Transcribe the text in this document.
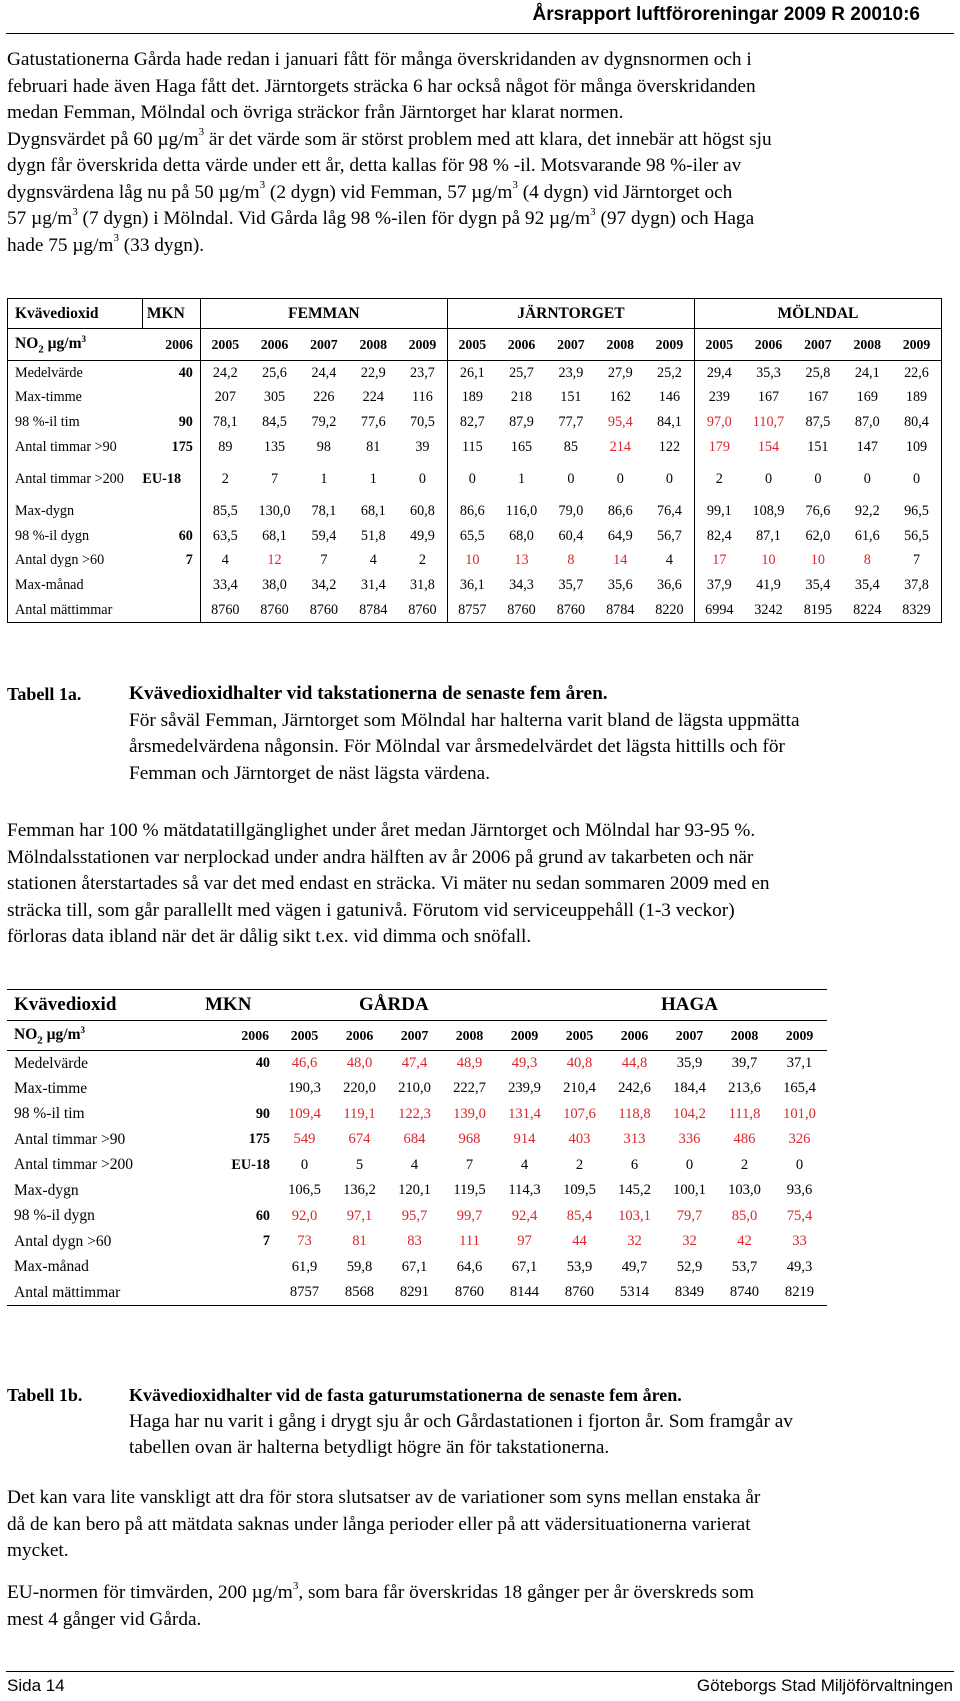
Årsrapport luftföroreningar 2009 R 20010:6
Gatustationerna Gårda hade redan i januari fått för många överskridanden av dygnsnormen och i
februari hade även Haga fått det. Järntorgets sträcka 6 har också något för många överskridanden
medan Femman, Mölndal och övriga sträckor från Järntorget har klarat normen.
Dygnsvärdet på 60 $\mu g/m^3$ är det värde som är störst problem med att klara, det innebär att högst sju
dygn får överskrida detta värde under ett år, detta kallas för 98 % -il. Motsvarande 98 %-iler av
dygnsvärdena låg nu på 50 $\mu g/m^3$ (2 dygn) vid Femman, 57 $\mu g/m^3$ (4 dygn) vid Järntorget och
57 $\mu g/m^3$ (7 dygn) i Mölndal. Vid Gårda låg 98 %-ilen för dygn på 92 $\mu g/m^3$ (97 dygn) och Haga
hade 75 $\mu g/m^3$ (33 dygn).
Kvävedioxid	MKN	FEMMAN					JÄRNTORGET					MÖLNDAL				
$NO_2$ $\mu g/m^3$	2006	2005	2006	2007	2008	2009	2005	2006	2007	2008	2009	2005	2006	2007	2008	2009
Medelvärde	40	24,2	25,6	24,4	22,9	23,7	26,1	25,7	23,9	27,9	25,2	29,4	35,3	25,8	24,1	22,6
Max-timme		207	305	226	224	116	189	218	151	162	146	239	167	167	169	189
98 %-il tim	90	78,1	84,5	79,2	77,6	70,5	82,7	87,9	77,7	95,4	84,1	97,0	110,7	87,5	87,0	80,4
Antal timmar >90	175	89	135	98	81	39	115	165	85	214	122	179	154	151	147	109
Antal timmar >200	EU-18	2	7	1	1	0	0	1	0	0	0	2	0	0	0	0
Max-dygn		85,5	130,0	78,1	68,1	60,8	86,6	116,0	79,0	86,6	76,4	99,1	108,9	76,6	92,2	96,5
98 %-il dygn	60	63,5	68,1	59,4	51,8	49,9	65,5	68,0	60,4	64,9	56,7	82,4	87,1	62,0	61,6	56,5
Antal dygn >60	7	4	12	7	4	2	10	13	8	14	4	17	10	10	8	7
Max-månad		33,4	38,0	34,2	31,4	31,8	36,1	34,3	35,7	35,6	36,6	37,9	41,9	35,4	35,4	37,8
Antal mättimmar		8760	8760	8760	8784	8760	8757	8760	8760	8784	8220	6994	3242	8195	8224	8329
Tabell 1a. Kvävedioxidhalter vid takstationerna de senaste fem åren.
För såväl Femman, Järntorget som Mölndal har halterna varit bland de lägsta uppmätta
årsmedelvärdena någonsin. För Mölndal var årsmedelvärdet det lägsta hittills och för
Femman och Järntorget de näst lägsta värdena.
Femman har 100 % mätdatatillgänglighet under året medan Järntorget och Mölndal har 93-95 %.
Mölndalsstationen var nerplockad under andra hälften av år 2006 på grund av takarbeten och när
stationen återstartades så var det med endast en sträcka. Vi mäter nu sedan sommaren 2009 med en
sträcka till, som går parallellt med vägen i gatunivå. Förutom vid serviceuppehåll (1-3 veckor)
förloras data ibland när det är dålig sikt t.ex. vid dimma och snöfall.
Kvävedioxid	MKN	GÅRDA					HAGA				
$NO_2$ $\mu g/m^3$	2006	2005	2006	2007	2008	2009	2005	2006	2007	2008	2009
Medelvärde	40	46,6	48,0	47,4	48,9	49,3	40,8	44,8	35,9	39,7	37,1
Max-timme		190,3	220,0	210,0	222,7	239,9	210,4	242,6	184,4	213,6	165,4
98 %-il tim	90	109,4	119,1	122,3	139,0	131,4	107,6	118,8	104,2	111,8	101,0
Antal timmar >90	175	549	674	684	968	914	403	313	336	486	326
Antal timmar >200	EU-18	0	5	4	7	4	2	6	0	2	0
Max-dygn		106,5	136,2	120,1	119,5	114,3	109,5	145,2	100,1	103,0	93,6
98 %-il dygn	60	92,0	97,1	95,7	99,7	92,4	85,4	103,1	79,7	85,0	75,4
Antal dygn >60	7	73	81	83	111	97	44	32	32	42	33
Max-månad		61,9	59,8	67,1	64,6	67,1	53,9	49,7	52,9	53,7	49,3
Antal mättimmar		8757	8568	8291	8760	8144	8760	5314	8349	8740	8219
Tabell 1b.	Kvävedioxidhalter vid de fasta gaturumstationerna de senaste fem åren.
Haga har nu varit i gång i drygt sju år och Gårdastationen i fjorton år. Som framgår av
tabellen ovan är halterna betydligt högre än för takstationerna.
Det kan vara lite vanskligt att dra för stora slutsatser av de variationer som syns mellan enstaka år
då de kan bero på att mätdata saknas under långa perioder eller på att vädersituationerna varierat
mycket.
EU-normen för timvärden, 200 $\mu g/m^3$, som bara får överskridas 18 gånger per år överskreds som
mest 4 gånger vid Gårda.
Sida 14	Göteborgs Stad Miljöförvaltningen
